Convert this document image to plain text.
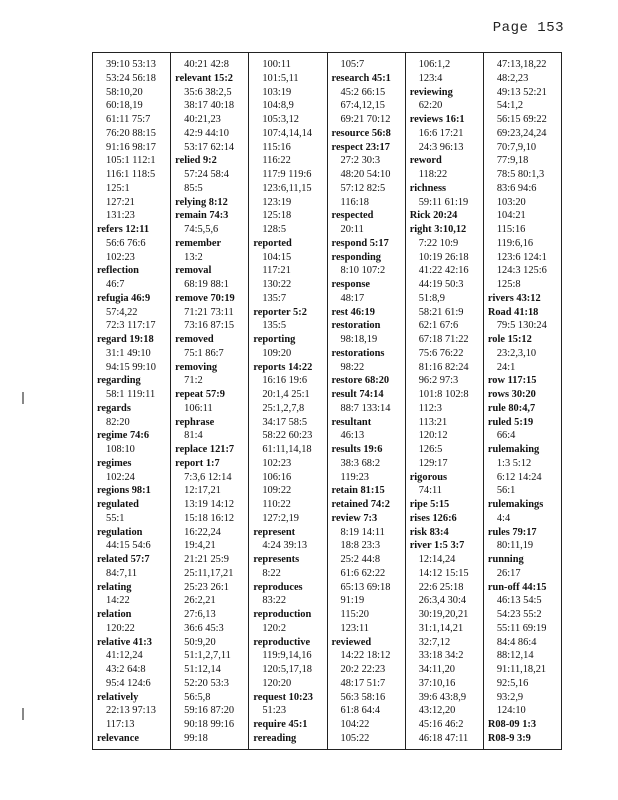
Page 153
39:10 53:13
53:24 56:18
58:10,20
60:18,19
61:11 75:7
76:20 88:15
91:16 98:17
105:1 112:1
116:1 118:5
125:1
127:21
131:23
refers 12:11
56:6 76:6
102:23
reflection
46:7
refugia 46:9
57:4,22
72:3 117:17
regard 19:18
31:1 49:10
94:15 99:10
regarding
58:1 119:11
regards
82:20
regime 74:6
108:10
regimes
102:24
regions 98:1
regulated
55:1
regulation
44:15 54:6
related 57:7
84:7,11
relating
14:22
relation
120:22
relative 41:3
41:12,24
43:2 64:8
95:4 124:6
relatively
22:13 97:13
117:13
relevance
40:21 42:8
relevant 15:2
35:6 38:2,5
38:17 40:18
40:21,23
42:9 44:10
53:17 62:14
relied 9:2
57:24 58:4
85:5
relying 8:12
remain 74:3
74:5,5,6
remember
13:2
removal
68:19 88:1
remove 70:19
71:21 73:11
73:16 87:15
removed
75:1 86:7
removing
71:2
repeat 57:9
106:11
rephrase
81:4
replace 121:7
report 1:7
7:3,6 12:14
12:17,21
13:19 14:12
15:18 16:12
16:22,24
19:4,21
21:21 25:9
25:11,17,21
25:23 26:1
26:2,21
27:6,13
36:6 45:3
50:9,20
51:1,2,7,11
51:12,14
52:20 53:3
56:5,8
59:16 87:20
90:18 99:16
99:18
100:11
101:5,11
103:19
104:8,9
105:3,12
107:4,14,14
115:16
116:22
117:9 119:6
123:6,11,15
123:19
125:18
128:5
reported
104:15
117:21
130:22
135:7
reporter 5:2
135:5
reporting
109:20
reports 14:22
16:16 19:6
20:1,4 25:1
25:1,2,7,8
34:17 58:5
58:22 60:23
61:11,14,18
102:23
106:16
109:22
110:22
127:2,19
represent
4:24 39:13
represents
8:22
reproduces
83:22
reproduction
120:2
reproductive
119:9,14,16
120:5,17,18
120:20
request 10:23
51:23
require 45:1
rereading
105:7
research 45:1
45:2 66:15
67:4,12,15
69:21 70:12
resource 56:8
respect 23:17
27:2 30:3
48:20 54:10
57:12 82:5
116:18
respected
20:11
respond 5:17
responding
8:10 107:2
response
48:17
rest 46:19
restoration
98:18,19
restorations
98:22
restore 68:20
result 74:14
88:7 133:14
resultant
46:13
results 19:6
38:3 68:2
119:23
retain 81:15
retained 74:2
review 7:3
8:19 14:11
18:8 23:3
25:2 44:8
61:6 62:22
65:13 69:18
91:19
115:20
123:11
reviewed
14:22 18:12
20:2 22:23
48:17 51:7
56:3 58:16
61:8 64:4
104:22
105:22
106:1,2
123:4
reviewing
62:20
reviews 16:1
16:6 17:21
24:3 96:13
reword
118:22
richness
59:11 61:19
Rick 20:24
right 3:10,12
7:22 10:9
10:19 26:18
41:22 42:16
44:19 50:3
51:8,9
58:21 61:9
62:1 67:6
67:18 71:22
75:6 76:22
81:16 82:24
96:2 97:3
101:8 102:8
112:3
113:21
120:12
126:5
129:17
rigorous
74:11
ripe 5:15
rises 126:6
risk 83:4
river 1:5 3:7
12:14,24
14:12 15:15
22:6 25:18
26:3,4 30:4
30:19,20,21
31:1,14,21
32:7,12
33:18 34:2
34:11,20
37:10,16
39:6 43:8,9
43:12,20
45:16 46:2
46:18 47:11
47:13,18,22
48:2,23
49:13 52:21
54:1,2
56:15 69:22
69:23,24,24
70:7,9,10
77:9,18
78:5 80:1,3
83:6 94:6
103:20
104:21
115:16
119:6,16
123:6 124:1
124:3 125:6
125:8
rivers 43:12
Road 41:18
79:5 130:24
role 15:12
23:2,3,10
24:1
row 117:15
rows 30:20
rule 80:4,7
ruled 5:19
66:4
rulemaking
1:3 5:12
6:12 14:24
56:1
rulemakings
4:4
rules 79:17
80:11,19
running
26:17
run-off 44:15
46:13 54:5
54:23 55:2
55:11 69:19
84:4 86:4
88:12,14
91:11,18,21
92:5,16
93:2,9
124:10
R08-09 1:3
R08-9 3:9
